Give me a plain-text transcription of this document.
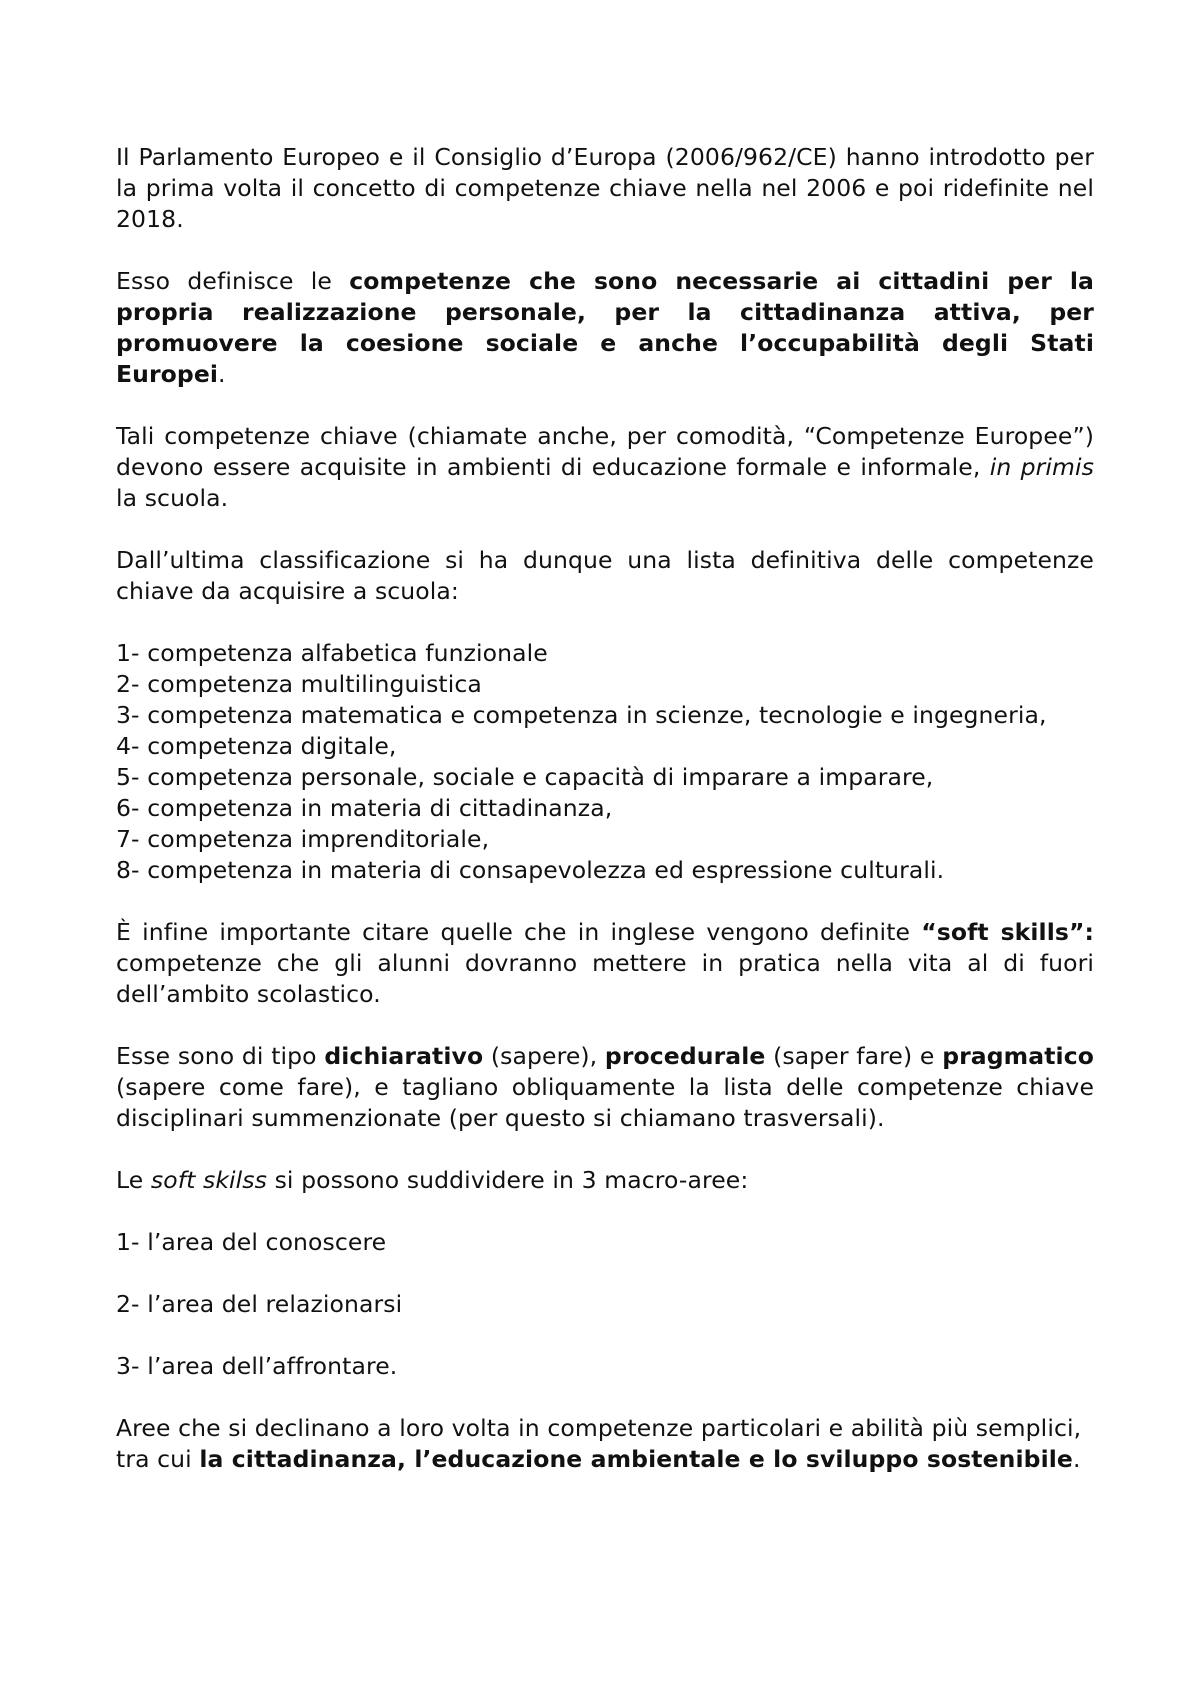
Il Parlamento Europeo e il Consiglio d’Europa (2006/962/CE) hanno introdotto per la prima volta il concetto di competenze chiave nella nel 2006 e poi ridefinite nel 2018.

Esso definisce le competenze che sono necessarie ai cittadini per la propria realizzazione personale, per la cittadinanza attiva, per promuovere la coesione sociale e anche l’occupabilità degli Stati Europei.

Tali competenze chiave (chiamate anche, per comodità, “Competenze Europee”) devono essere acquisite in ambienti di educazione formale e informale, in primis la scuola.

Dall’ultima classificazione si ha dunque una lista definitiva delle competenze chiave da acquisire a scuola:

1- competenza alfabetica funzionale
2- competenza multilinguistica
3- competenza matematica e competenza in scienze, tecnologie e ingegneria,
4- competenza digitale,
5- competenza personale, sociale e capacità di imparare a imparare,
6- competenza in materia di cittadinanza,
7- competenza imprenditoriale,
8- competenza in materia di consapevolezza ed espressione culturali.

È infine importante citare quelle che in inglese vengono definite “soft skills”: competenze che gli alunni dovranno mettere in pratica nella vita al di fuori dell’ambito scolastico.

Esse sono di tipo dichiarativo (sapere), procedurale (saper fare) e pragmatico (sapere come fare), e tagliano obliquamente la lista delle competenze chiave disciplinari summenzionate (per questo si chiamano trasversali).

Le soft skilss si possono suddividere in 3 macro-aree:

1- l’area del conoscere

2- l’area del relazionarsi

3- l’area dell’affrontare.

Aree che si declinano a loro volta in competenze particolari e abilità più semplici, tra cui la cittadinanza, l’educazione ambientale e lo sviluppo sostenibile.
